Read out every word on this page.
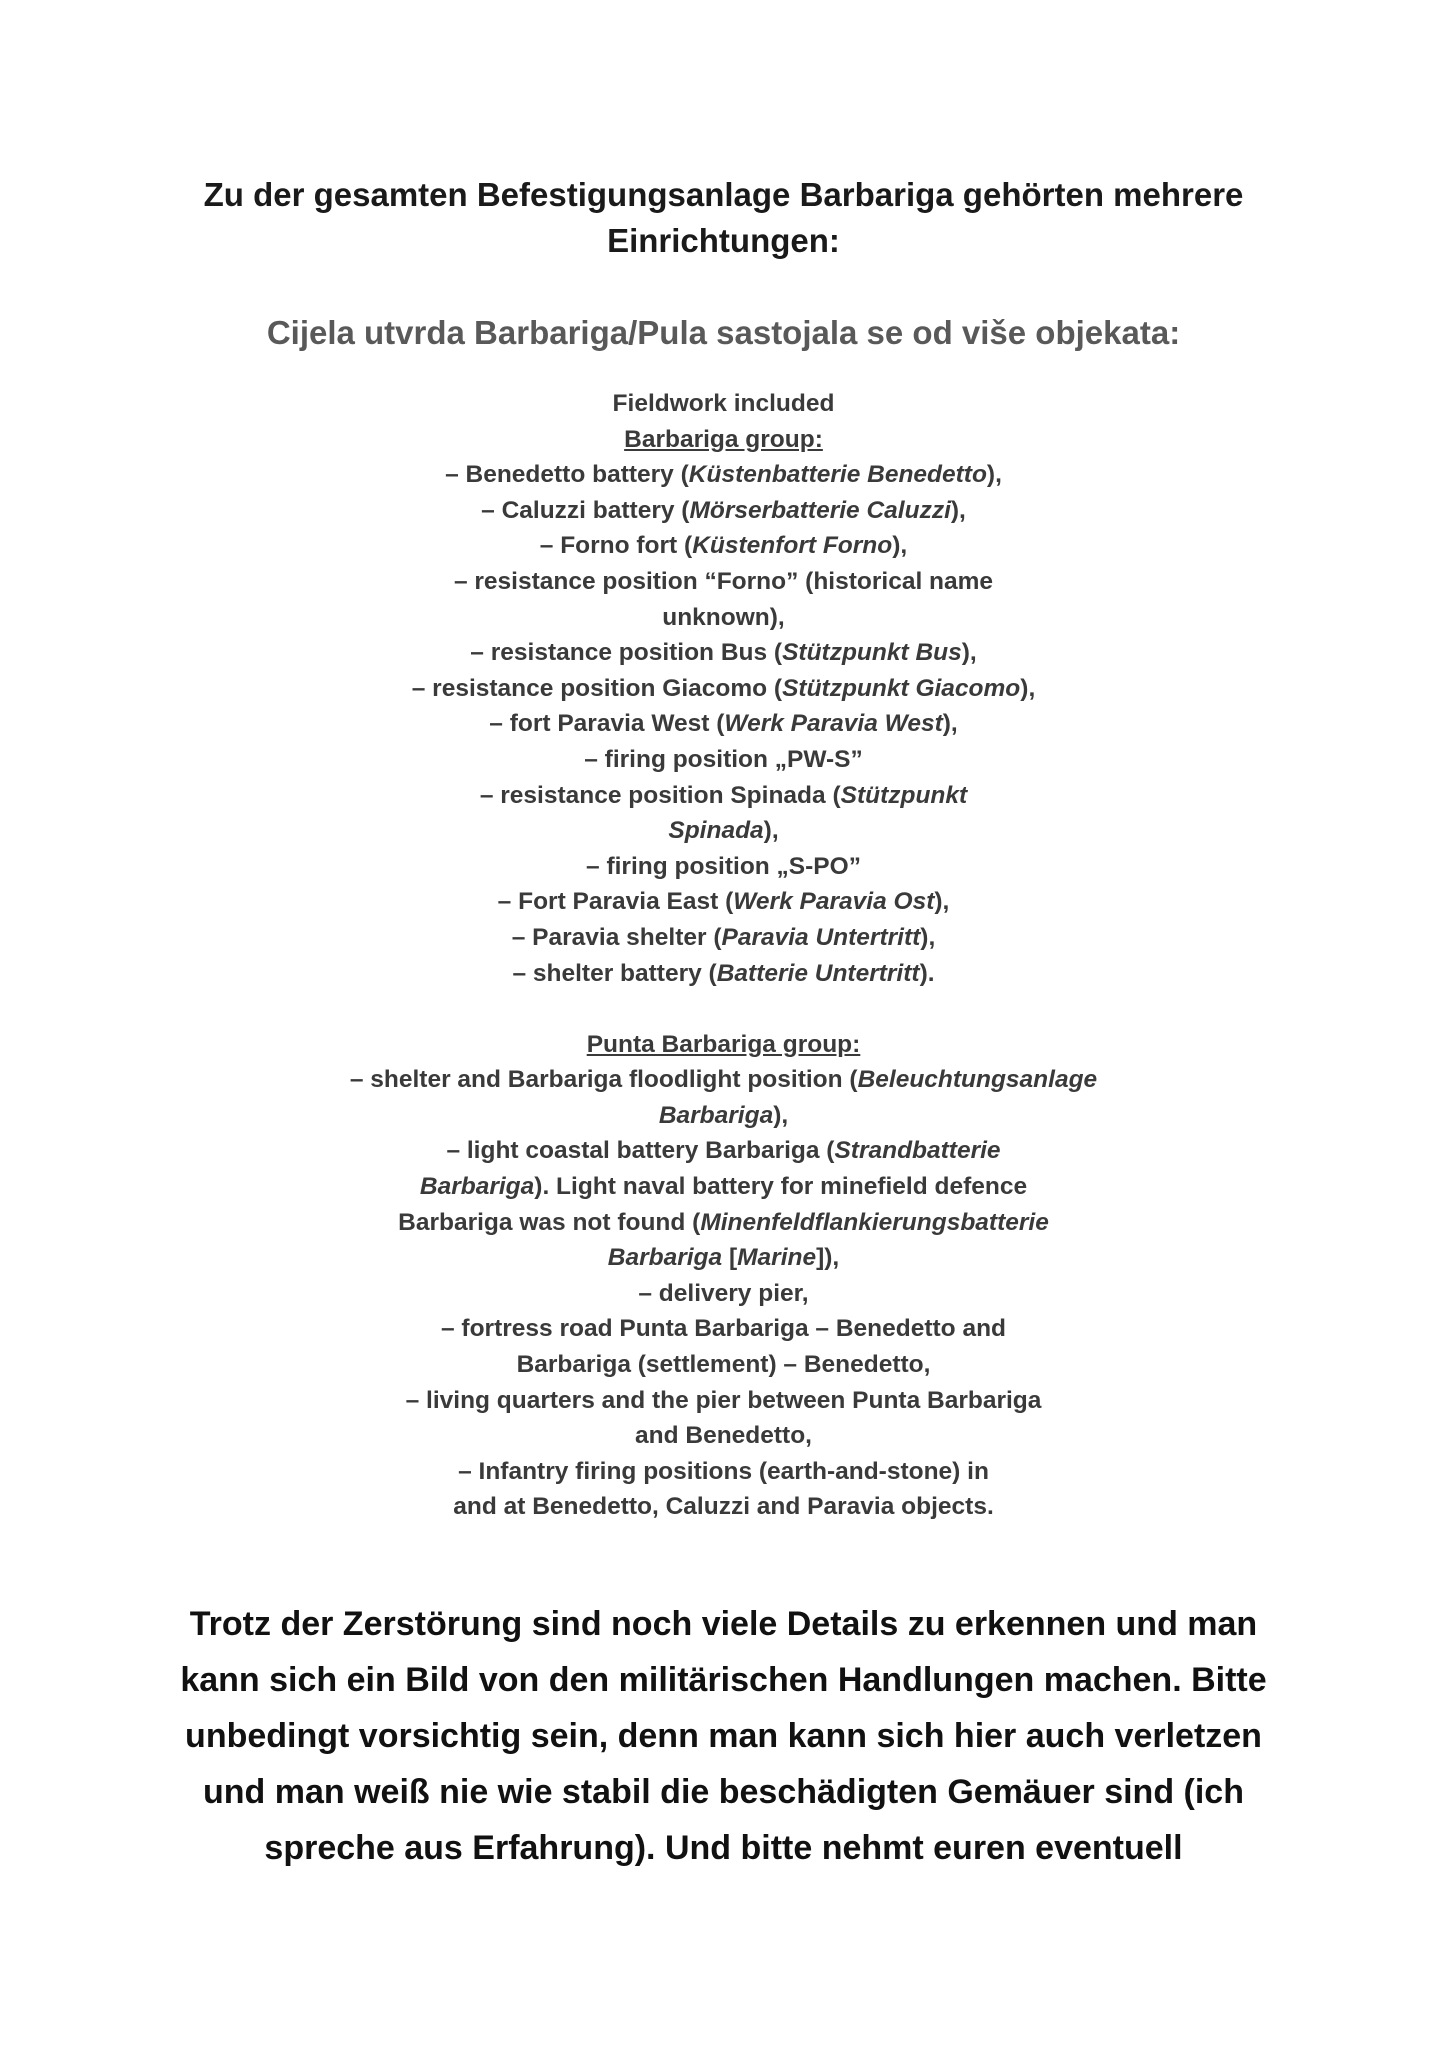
Zu der gesamten Befestigungsanlage Barbariga gehörten mehrere Einrichtungen:
Cijela utvrda Barbariga/Pula sastojala se od više objekata:
Fieldwork included
Barbariga group:
– Benedetto battery (Küstenbatterie Benedetto),
– Caluzzi battery (Mörserbatterie Caluzzi),
– Forno fort (Küstenfort Forno),
– resistance position “Forno” (historical name
unknown),
– resistance position Bus (Stützpunkt Bus),
– resistance position Giacomo (Stützpunkt Giacomo),
– fort Paravia West (Werk Paravia West),
– firing position „PW-S”
– resistance position Spinada (Stützpunkt
Spinada),
– firing position „S-PO”
– Fort Paravia East (Werk Paravia Ost),
– Paravia shelter (Paravia Untertritt),
– shelter battery (Batterie Untertritt).
Punta Barbariga group:
– shelter and Barbariga floodlight position (Beleuchtungsanlage
Barbariga),
– light coastal battery Barbariga (Strandbatterie
Barbariga). Light naval battery for minefield defence
Barbariga was not found (Minenfeldflankierungsbatterie
Barbariga [Marine]),
– delivery pier,
– fortress road Punta Barbariga – Benedetto and
Barbariga (settlement) – Benedetto,
– living quarters and the pier between Punta Barbariga
and Benedetto,
– Infantry firing positions (earth-and-stone) in
and at Benedetto, Caluzzi and Paravia objects.
Trotz der Zerstörung sind noch viele Details zu erkennen und man
kann sich ein Bild von den militärischen Handlungen machen. Bitte
unbedingt vorsichtig sein, denn man kann sich hier auch verletzen
und man weiß nie wie stabil die beschädigten Gemäuer sind (ich
spreche aus Erfahrung). Und bitte nehmt euren eventuell
